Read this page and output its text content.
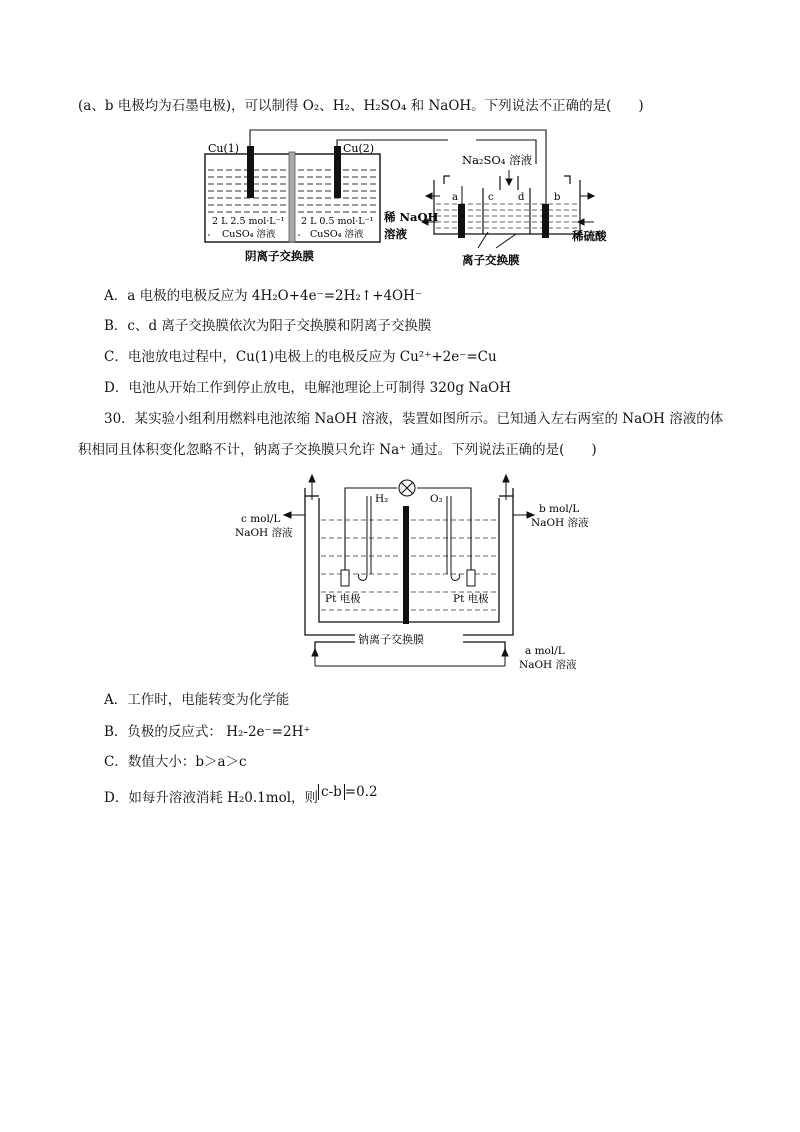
(a、b 电极均为石墨电极)，可以制得 O₂、H₂、H₂SO₄ 和 NaOH。下列说法不正确的是(　　)
Cu(1)	Cu(2)
2 L 2.5 mol·L⁻¹
CuSO₄ 溶液
2 L 0.5 mol·L⁻¹
CuSO₄ 溶液
阴离子交换膜
Na₂SO₄ 溶液
a	c d	b
稀 NaOH
溶液	稀硫酸
离子交换膜
A．a 电极的电极反应为 4H₂O+4e⁻=2H₂↑+4OH⁻
B．c、d 离子交换膜依次为阳子交换膜和阴离子交换膜
C．电池放电过程中，Cu(1)电极上的电极反应为 Cu²⁺+2e⁻=Cu
D．电池从开始工作到停止放电，电解池理论上可制得 320g NaOH
30．某实验小组利用燃料电池浓缩 NaOH 溶液，装置如图所示。已知通入左右两室的 NaOH 溶液的体
积相同且体积变化忽略不计，钠离子交换膜只允许 Na⁺ 通过。下列说法正确的是(　　)
H₂	O₂
c mol/L
NaOH 溶液
b mol/L
NaOH 溶液
Pt 电极	Pt 电极
钠离子交换膜
a mol/L
NaOH 溶液
A．工作时，电能转变为化学能
B．负极的反应式： H₂-2e⁻=2H⁺
C．数值大小：b＞a＞c
D．如每升溶液消耗 H₂0.1mol，则 c-b =0.2
